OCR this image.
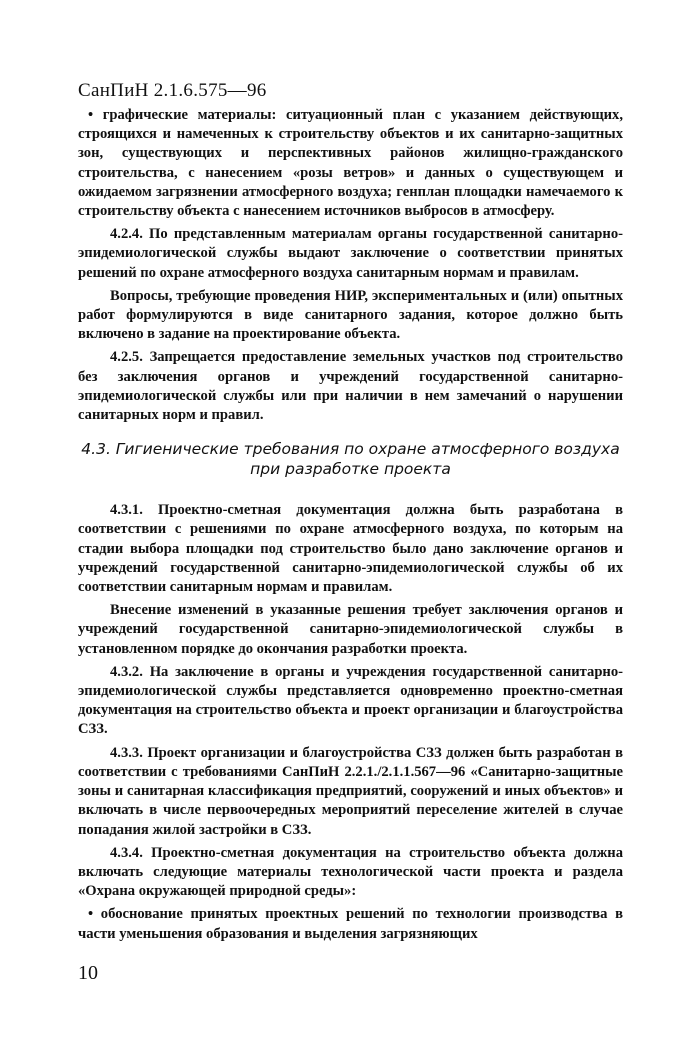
СанПиН 2.1.6.575—96

• графические материалы: ситуационный план с указанием действующих, строящихся и намеченных к строительству объектов и их санитарно-защитных зон, существующих и перспективных районов жилищно-гражданского строительства, с нанесением «розы ветров» и данных о существующем и ожидаемом загрязнении атмосферного воздуха; генплан площадки намечаемого к строительству объекта с нанесением источников выбросов в атмосферу.

4.2.4. По представленным материалам органы государственной санитарно-эпидемиологической службы выдают заключение о соответствии принятых решений по охране атмосферного воздуха санитарным нормам и правилам.

Вопросы, требующие проведения НИР, экспериментальных и (или) опытных работ формулируются в виде санитарного задания, которое должно быть включено в задание на проектирование объекта.

4.2.5. Запрещается предоставление земельных участков под строительство без заключения органов и учреждений государственной санитарно-эпидемиологической службы или при наличии в нем замечаний о нарушении санитарных норм и правил.

4.3. Гигиенические требования по охране атмосферного воздуха
при разработке проекта

4.3.1. Проектно-сметная документация должна быть разработана в соответствии с решениями по охране атмосферного воздуха, по которым на стадии выбора площадки под строительство было дано заключение органов и учреждений государственной санитарно-эпидемиологической службы об их соответствии санитарным нормам и правилам.

Внесение изменений в указанные решения требует заключения органов и учреждений государственной санитарно-эпидемиологической службы в установленном порядке до окончания разработки проекта.

4.3.2. На заключение в органы и учреждения государственной санитарно-эпидемиологической службы представляется одновременно проектно-сметная документация на строительство объекта и проект организации и благоустройства СЗЗ.

4.3.3. Проект организации и благоустройства СЗЗ должен быть разработан в соответствии с требованиями СанПиН 2.2.1./2.1.1.567—96 «Санитарно-защитные зоны и санитарная классификация предприятий, сооружений и иных объектов» и включать в числе первоочередных мероприятий переселение жителей в случае попадания жилой застройки в СЗЗ.

4.3.4. Проектно-сметная документация на строительство объекта должна включать следующие материалы технологической части проекта и раздела «Охрана окружающей природной среды»:

• обоснование принятых проектных решений по технологии производства в части уменьшения образования и выделения загрязняющих

10
